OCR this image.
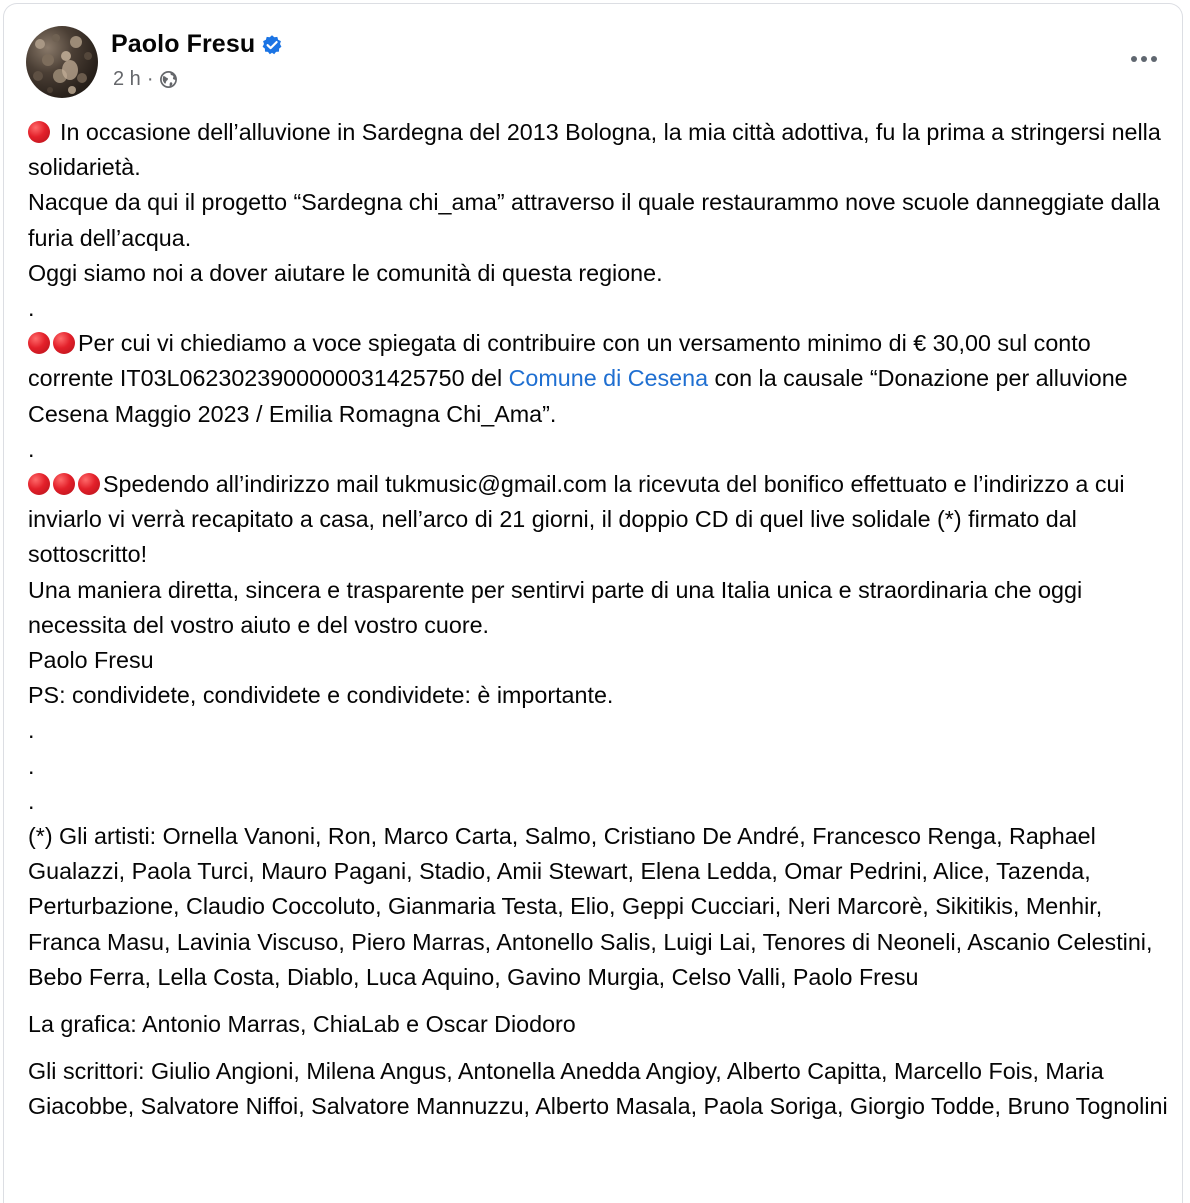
Paolo Fresu
2 h ·

In occasione dell’alluvione in Sardegna del 2013 Bologna, la mia città adottiva, fu la prima a stringersi nella solidarietà.

Nacque da qui il progetto “Sardegna chi_ama” attraverso il quale restaurammo nove scuole danneggiate dalla furia dell’acqua.

Oggi siamo noi a dover aiutare le comunità di questa regione.

.

Per cui vi chiediamo a voce spiegata di contribuire con un versamento minimo di € 30,00 sul conto corrente IT03L0623023900000031425750 del Comune di Cesena con la causale “Donazione per alluvione Cesena Maggio 2023 / Emilia Romagna Chi_Ama”.

.

Spedendo all’indirizzo mail tukmusic@gmail.com la ricevuta del bonifico effettuato e l’indirizzo a cui inviarlo vi verrà recapitato a casa, nell’arco di 21 giorni, il doppio CD di quel live solidale (*) firmato dal sottoscritto!

Una maniera diretta, sincera e trasparente per sentirvi parte di una Italia unica e straordinaria che oggi necessita del vostro aiuto e del vostro cuore.

Paolo Fresu

PS: condividete, condividete e condividete: è importante.

.

.

.

(*) Gli artisti: Ornella Vanoni, Ron, Marco Carta, Salmo, Cristiano De André, Francesco Renga, Raphael Gualazzi, Paola Turci, Mauro Pagani, Stadio, Amii Stewart, Elena Ledda, Omar Pedrini, Alice, Tazenda, Perturbazione, Claudio Coccoluto, Gianmaria Testa, Elio, Geppi Cucciari, Neri Marcorè, Sikitikis, Menhir, Franca Masu, Lavinia Viscuso, Piero Marras, Antonello Salis, Luigi Lai, Tenores di Neoneli, Ascanio Celestini, Bebo Ferra, Lella Costa, Diablo, Luca Aquino, Gavino Murgia, Celso Valli, Paolo Fresu

La grafica: Antonio Marras, ChiaLab e Oscar Diodoro

Gli scrittori: Giulio Angioni, Milena Angus, Antonella Anedda Angioy, Alberto Capitta, Marcello Fois, Maria Giacobbe, Salvatore Niffoi, Salvatore Mannuzzu, Alberto Masala, Paola Soriga, Giorgio Todde, Bruno Tognolini
